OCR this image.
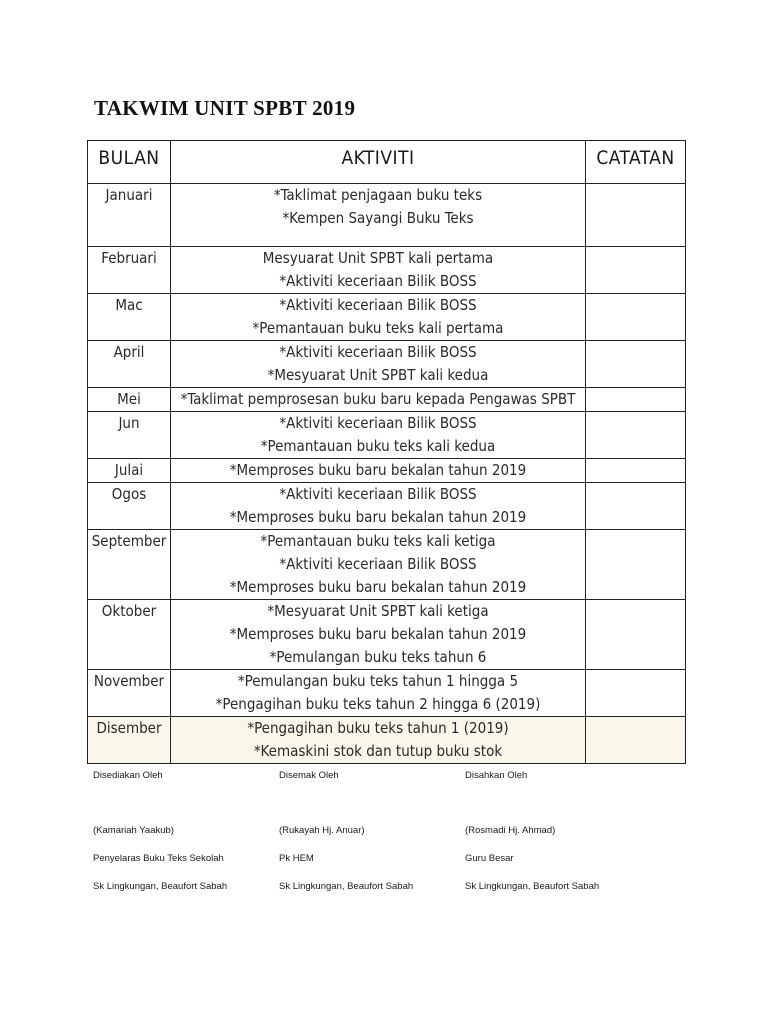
TAKWIM UNIT SPBT 2019
BULAN	AKTIVITI	CATATAN
Januari	*Taklimat penjagaan buku teks
*Kempen Sayangi Buku Teks	

Februari	Mesyuarat Unit SPBT kali pertama
*Aktiviti keceriaan Bilik BOSS	

Mac	*Aktiviti keceriaan Bilik BOSS
*Pemantauan buku teks kali pertama	

April	*Aktiviti keceriaan Bilik BOSS
*Mesyuarat Unit SPBT kali kedua	

Mei	*Taklimat pemprosesan buku baru kepada Pengawas SPBT	

Jun	*Aktiviti keceriaan Bilik BOSS
*Pemantauan buku teks kali kedua	

Julai	*Memproses buku baru bekalan tahun 2019	

Ogos	*Aktiviti keceriaan Bilik BOSS
*Memproses buku baru bekalan tahun 2019	

September	*Pemantauan buku teks kali ketiga
*Aktiviti keceriaan Bilik BOSS
*Memproses buku baru bekalan tahun 2019	

Oktober	*Mesyuarat Unit SPBT kali ketiga
*Memproses buku baru bekalan tahun 2019
*Pemulangan buku teks tahun 6	

November	*Pemulangan buku teks tahun 1 hingga 5
*Pengagihan buku teks tahun 2 hingga 6 (2019)	

Disember	*Pengagihan buku teks tahun 1 (2019)
*Kemaskini stok dan tutup buku stok	

Disediakan Oleh	Disemak Oleh	Disahkan Oleh
(Kamariah Yaakub)	(Rukayah Hj. Anuar)	(Rosmadi Hj. Ahmad)
Penyelaras Buku Teks Sekolah	Pk HEM	Guru Besar
Sk Lingkungan, Beaufort Sabah	Sk Lingkungan, Beaufort Sabah	Sk Lingkungan, Beaufort Sabah
